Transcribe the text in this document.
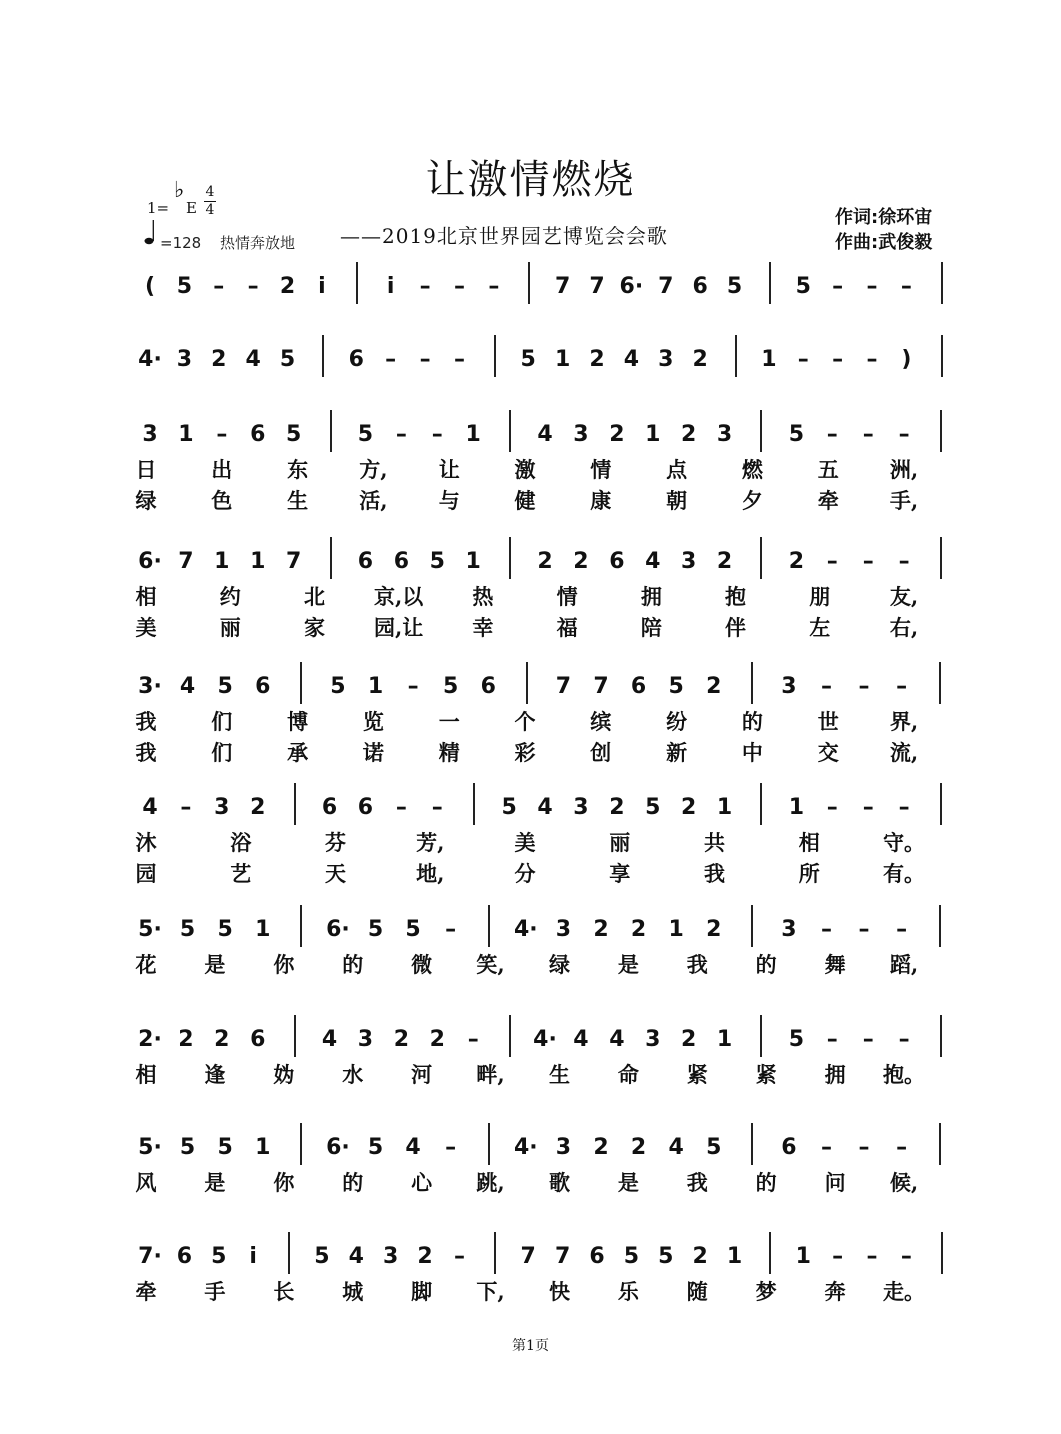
让激情燃烧
——2019北京世界园艺博览会会歌
作词:徐环宙
作曲:武俊毅
1=
♭
E
4
4
=128 热情奔放地
( 5 – – 2 i	i – – –	7 7 6· 7 6 5 5 – – –
4· 3 2 4 5 6 – – –	5 1 2 4 3 2 1 – – – )
3 1 – 6 5	5 – – 1	4 3 2 1 2 3	5 – – –
日	出	东 方, 让	激	情	点	燃	五 洲,
绿	色	生 活, 与	健	康	朝	夕	牵 手,
6· 7 1 1 7	6 6 5 1	2 2 6 4 3 2	2 – – –
相	约	北 京,以 热	情	拥	抱	朋	友,
美	丽	家 园,让 幸	福	陪	伴	左	右,
3· 4 5 6	5 1 – 5 6	7 7 6 5 2	3 – – –
我	们	博	览	一	个	缤	纷	的	世 界,
我	们	承	诺	精	彩	创	新	中	交 流,
4 – 3 2	6 6 – –	5 4 3 2 5 2 1	1 – – –
沐	浴	芬	芳,	美	丽	共	相	守。
园	艺	天	地,	分	享	我	所	有。
5· 5 5 1	6· 5 5 –	4· 3 2 2 1 2	3 – – –
花 是 你 的 微 笑, 绿 是 我 的 舞 蹈,
2· 2 2 6	4 3 2 2 – 4· 4 4 3 2 1	5 – – –
相 逢 妫 水 河 畔, 生 命 紧 紧 拥 抱。
5· 5 5 1	6· 5 4 –	4· 3 2 2 4 5	6 – – –
风 是 你 的 心 跳, 歌 是 我 的 问 候,
7· 6 5 i	5 4 3 2 –	7 7 6 5 5 2 1 1 – – –
牵 手 长 城 脚 下, 快 乐 随 梦 奔 走。
第1页
